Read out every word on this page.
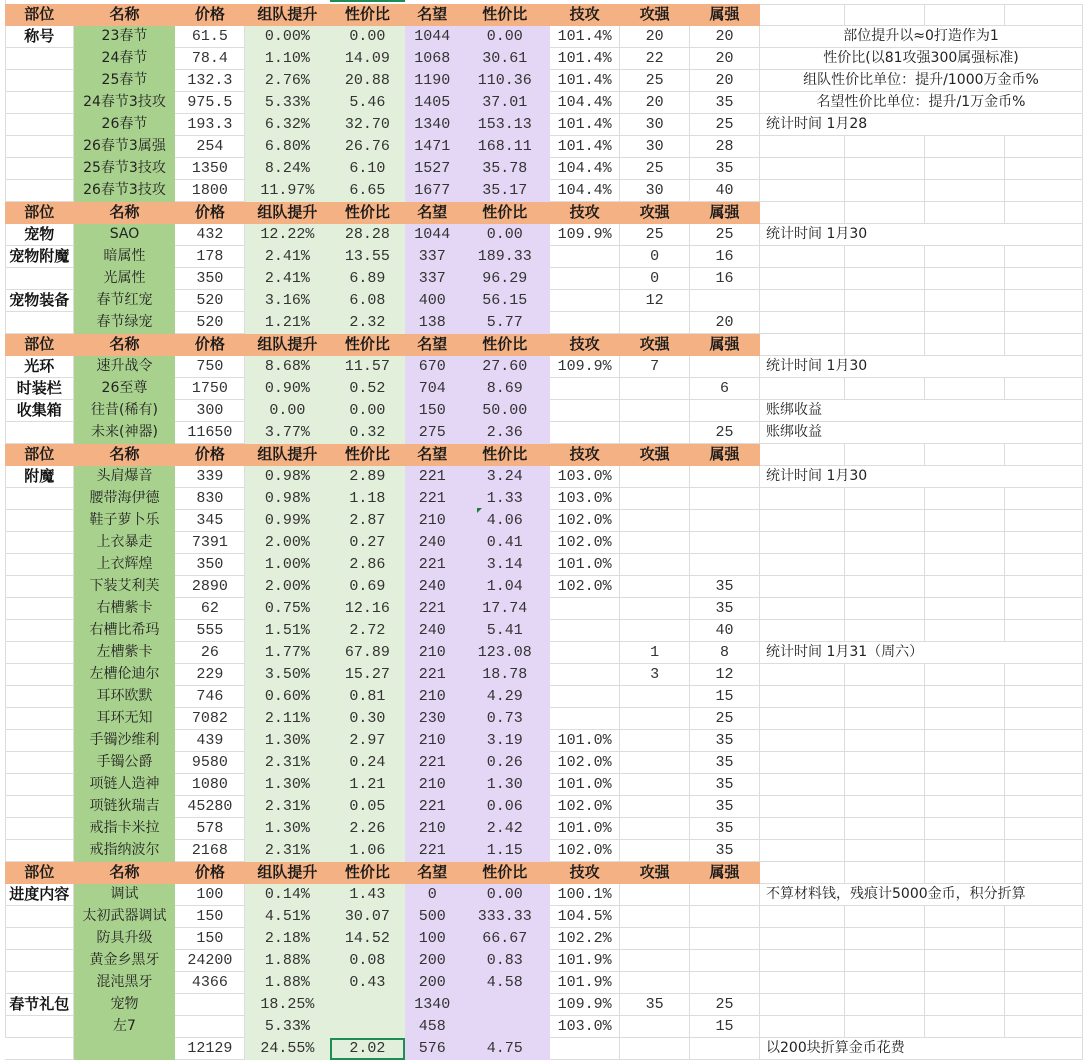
部位	名称	价格	组队提升	性价比	名望	性价比	技攻	攻强	属强				
称号	23春节	61.5	0.00%	0.00	1044	0.00	101.4%	20	20	部位提升以≈0打造作为1			
	24春节	78.4	1.10%	14.09	1068	30.61	101.4%	22	20	性价比(以81攻强300属强标准)			
	25春节	132.3	2.76%	20.88	1190	110.36	101.4%	25	20	组队性价比单位：提升/1000万金币%			
	24春节3技攻	975.5	5.33%	5.46	1405	37.01	104.4%	20	35	名望性价比单位：提升/1万金币%			
	26春节	193.3	6.32%	32.70	1340	153.13	101.4%	30	25	统计时间 1月28			
	26春节3属强	254	6.80%	26.76	1471	168.11	101.4%	30	28				
	25春节3技攻	1350	8.24%	6.10	1527	35.78	104.4%	25	35				
	26春节3技攻	1800	11.97%	6.65	1677	35.17	104.4%	30	40				
部位	名称	价格	组队提升	性价比	名望	性价比	技攻	攻强	属强				
宠物	SAO	432	12.22%	28.28	1044	0.00	109.9%	25	25	统计时间 1月30			
宠物附魔	暗属性	178	2.41%	13.55	337	189.33		0	16				
	光属性	350	2.41%	6.89	337	96.29		0	16				
宠物装备	春节红宠	520	3.16%	6.08	400	56.15		12					
	春节绿宠	520	1.21%	2.32	138	5.77			20				
部位	名称	价格	组队提升	性价比	名望	性价比	技攻	攻强	属强				
光环	速升战令	750	8.68%	11.57	670	27.60	109.9%	7		统计时间 1月30			
时装栏	26至尊	1750	0.90%	0.52	704	8.69			6				
收集箱	往昔(稀有)	300	0.00	0.00	150	50.00				账绑收益			
	未来(神器)	11650	3.77%	0.32	275	2.36			25	账绑收益			
部位	名称	价格	组队提升	性价比	名望	性价比	技攻	攻强	属强				
附魔	头肩爆音	339	0.98%	2.89	221	3.24	103.0%			统计时间 1月30			
	腰带海伊德	830	0.98%	1.18	221	1.33	103.0%						
	鞋子萝卜乐	345	0.99%	2.87	210	4.06	102.0%						
	上衣暴走	7391	2.00%	0.27	240	0.41	102.0%						
	上衣辉煌	350	1.00%	2.86	221	3.14	101.0%						
	下装艾利芙	2890	2.00%	0.69	240	1.04	102.0%		35				
	右槽紫卡	62	0.75%	12.16	221	17.74			35				
	右槽比希玛	555	1.51%	2.72	240	5.41			40				
	左槽紫卡	26	1.77%	67.89	210	123.08		1	8	统计时间 1月31（周六）			
	左槽伦迪尔	229	3.50%	15.27	221	18.78		3	12				
	耳环欧默	746	0.60%	0.81	210	4.29			15				
	耳环无知	7082	2.11%	0.30	230	0.73			25				
	手镯沙维利	439	1.30%	2.97	210	3.19	101.0%		35				
	手镯公爵	9580	2.31%	0.24	221	0.26	102.0%		35				
	项链人造神	1080	1.30%	1.21	210	1.30	101.0%		35				
	项链狄瑞吉	45280	2.31%	0.05	221	0.06	102.0%		35				
	戒指卡米拉	578	1.30%	2.26	210	2.42	101.0%		35				
	戒指纳波尔	2168	2.31%	1.06	221	1.15	102.0%		35				
部位	名称	价格	组队提升	性价比	名望	性价比	技攻	攻强	属强				
进度内容	调试	100	0.14%	1.43	0	0.00	100.1%			不算材料钱，残痕计5000金币，积分折算			
	太初武器调试	150	4.51%	30.07	500	333.33	104.5%						
	防具升级	150	2.18%	14.52	100	66.67	102.2%						
	黄金乡黑牙	24200	1.88%	0.08	200	0.83	101.9%						
	混沌黑牙	4366	1.88%	0.43	200	4.58	101.9%						
春节礼包	宠物		18.25%		1340		109.9%	35	25				
	左7		5.33%		458		103.0%		15				
		12129	24.55%	2.02	576	4.75				以200块折算金币花费			
